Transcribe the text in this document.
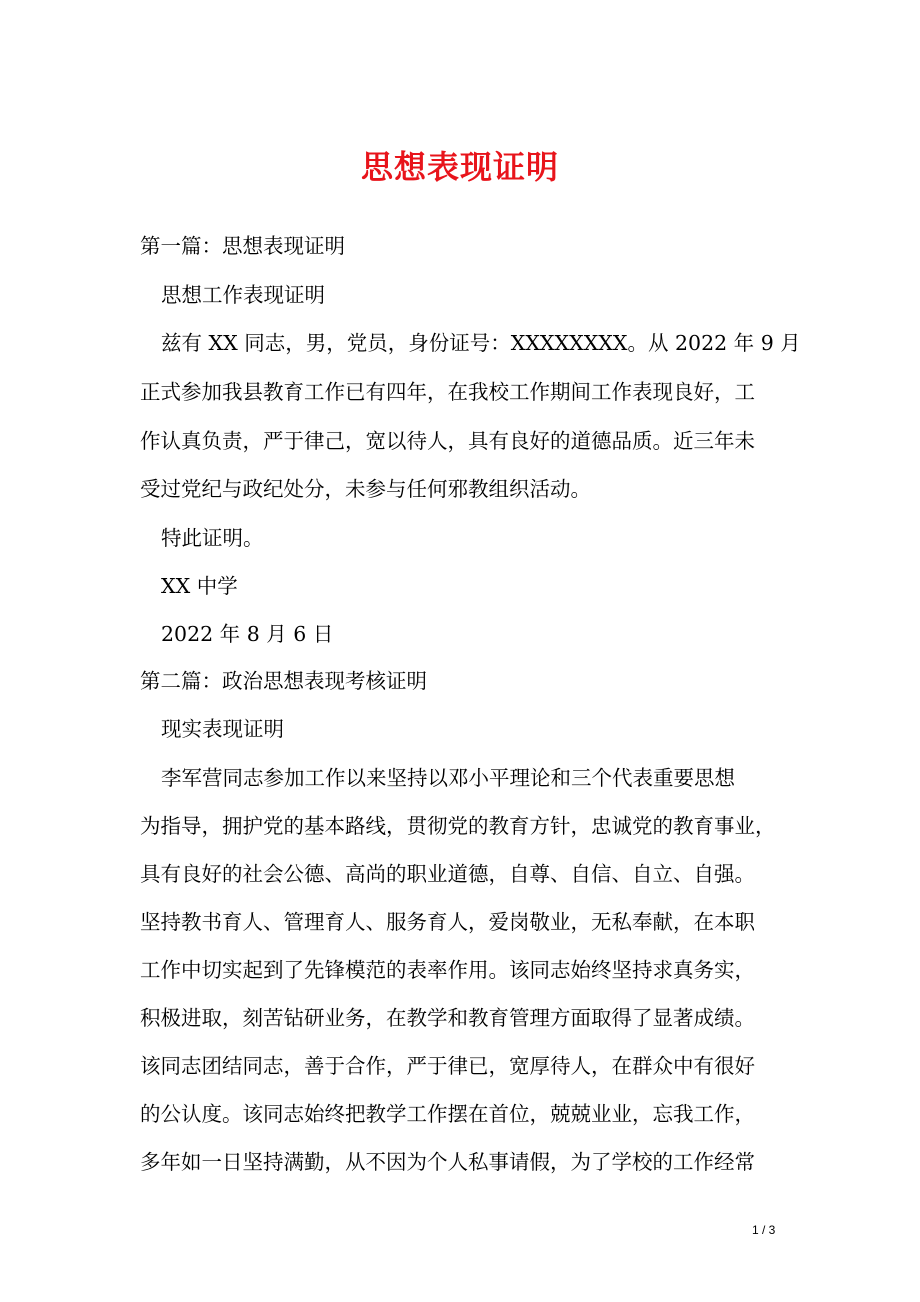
思想表现证明
第一篇：思想表现证明
思想工作表现证明
兹有 XX 同志，男，党员，身份证号：XXXXXXXX。从 2022 年 9 月
正式参加我县教育工作已有四年，在我校工作期间工作表现良好，工
作认真负责，严于律己，宽以待人，具有良好的道德品质。近三年未
受过党纪与政纪处分，未参与任何邪教组织活动。
特此证明。
XX 中学
2022 年 8 月 6 日
第二篇：政治思想表现考核证明
现实表现证明
李军营同志参加工作以来坚持以邓小平理论和三个代表重要思想
为指导，拥护党的基本路线，贯彻党的教育方针，忠诚党的教育事业，
具有良好的社会公德、高尚的职业道德，自尊、自信、自立、自强。
坚持教书育人、管理育人、服务育人，爱岗敬业，无私奉献，在本职
工作中切实起到了先锋模范的表率作用。该同志始终坚持求真务实，
积极进取，刻苦钻研业务，在教学和教育管理方面取得了显著成绩。
该同志团结同志，善于合作，严于律已，宽厚待人，在群众中有很好
的公认度。该同志始终把教学工作摆在首位，兢兢业业，忘我工作，
多年如一日坚持满勤，从不因为个人私事请假，为了学校的工作经常
1 / 3
